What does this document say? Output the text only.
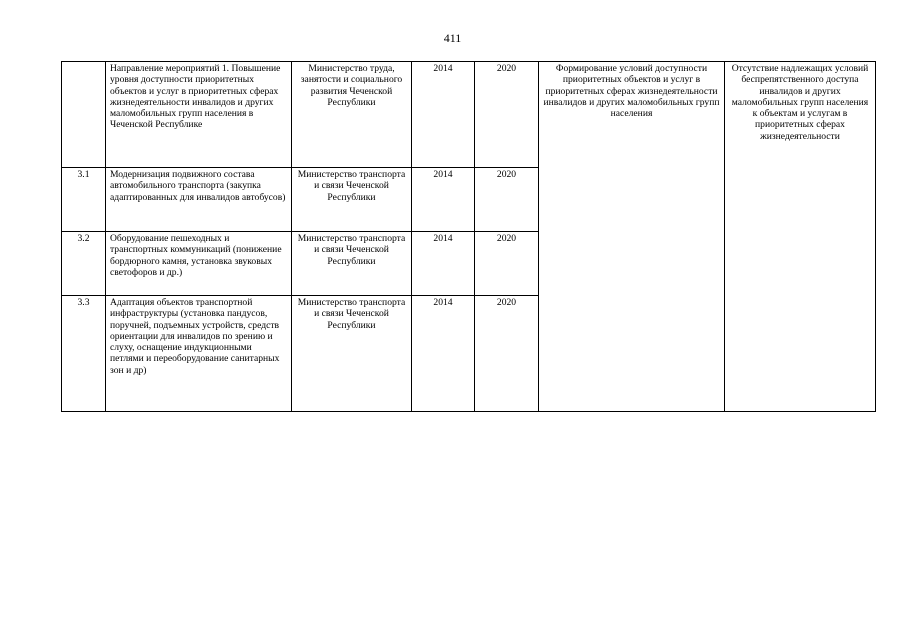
411
	Направление мероприятий 1. Повышение уровня доступности приоритетных объектов и услуг в приоритетных сферах жизнедеятельности инвалидов и других маломобильных групп населения в Чеченской Республике	Министерство труда, занятости и социального развития Чеченской Республики	2014	2020	Формирование условий доступности приоритетных объектов и услуг в приоритетных сферах жизнедеятельности инвалидов и других маломобильных групп населения	Отсутствие надлежащих условий беспрепятственного доступа инвалидов и других маломобильных групп населения к объектам и услугам в приоритетных сферах жизнедеятельности
3.1	Модернизация подвижного состава автомобильного транспорта (закупка адаптированных для инвалидов автобусов)	Министерство транспорта и связи Чеченской Республики	2014	2020		
3.2	Оборудование пешеходных и транспортных коммуникаций (понижение бордюрного камня, установка звуковых светофоров и др.)	Министерство транспорта и связи Чеченской Республики	2014	2020		
3.3	Адаптация объектов транспортной инфраструктуры (установка пандусов, поручней, подъемных устройств, средств ориентации для инвалидов по зрению и слуху, оснащение индукционными петлями и переоборудование санитарных зон и др)	Министерство транспорта и связи Чеченской Республики	2014	2020		
